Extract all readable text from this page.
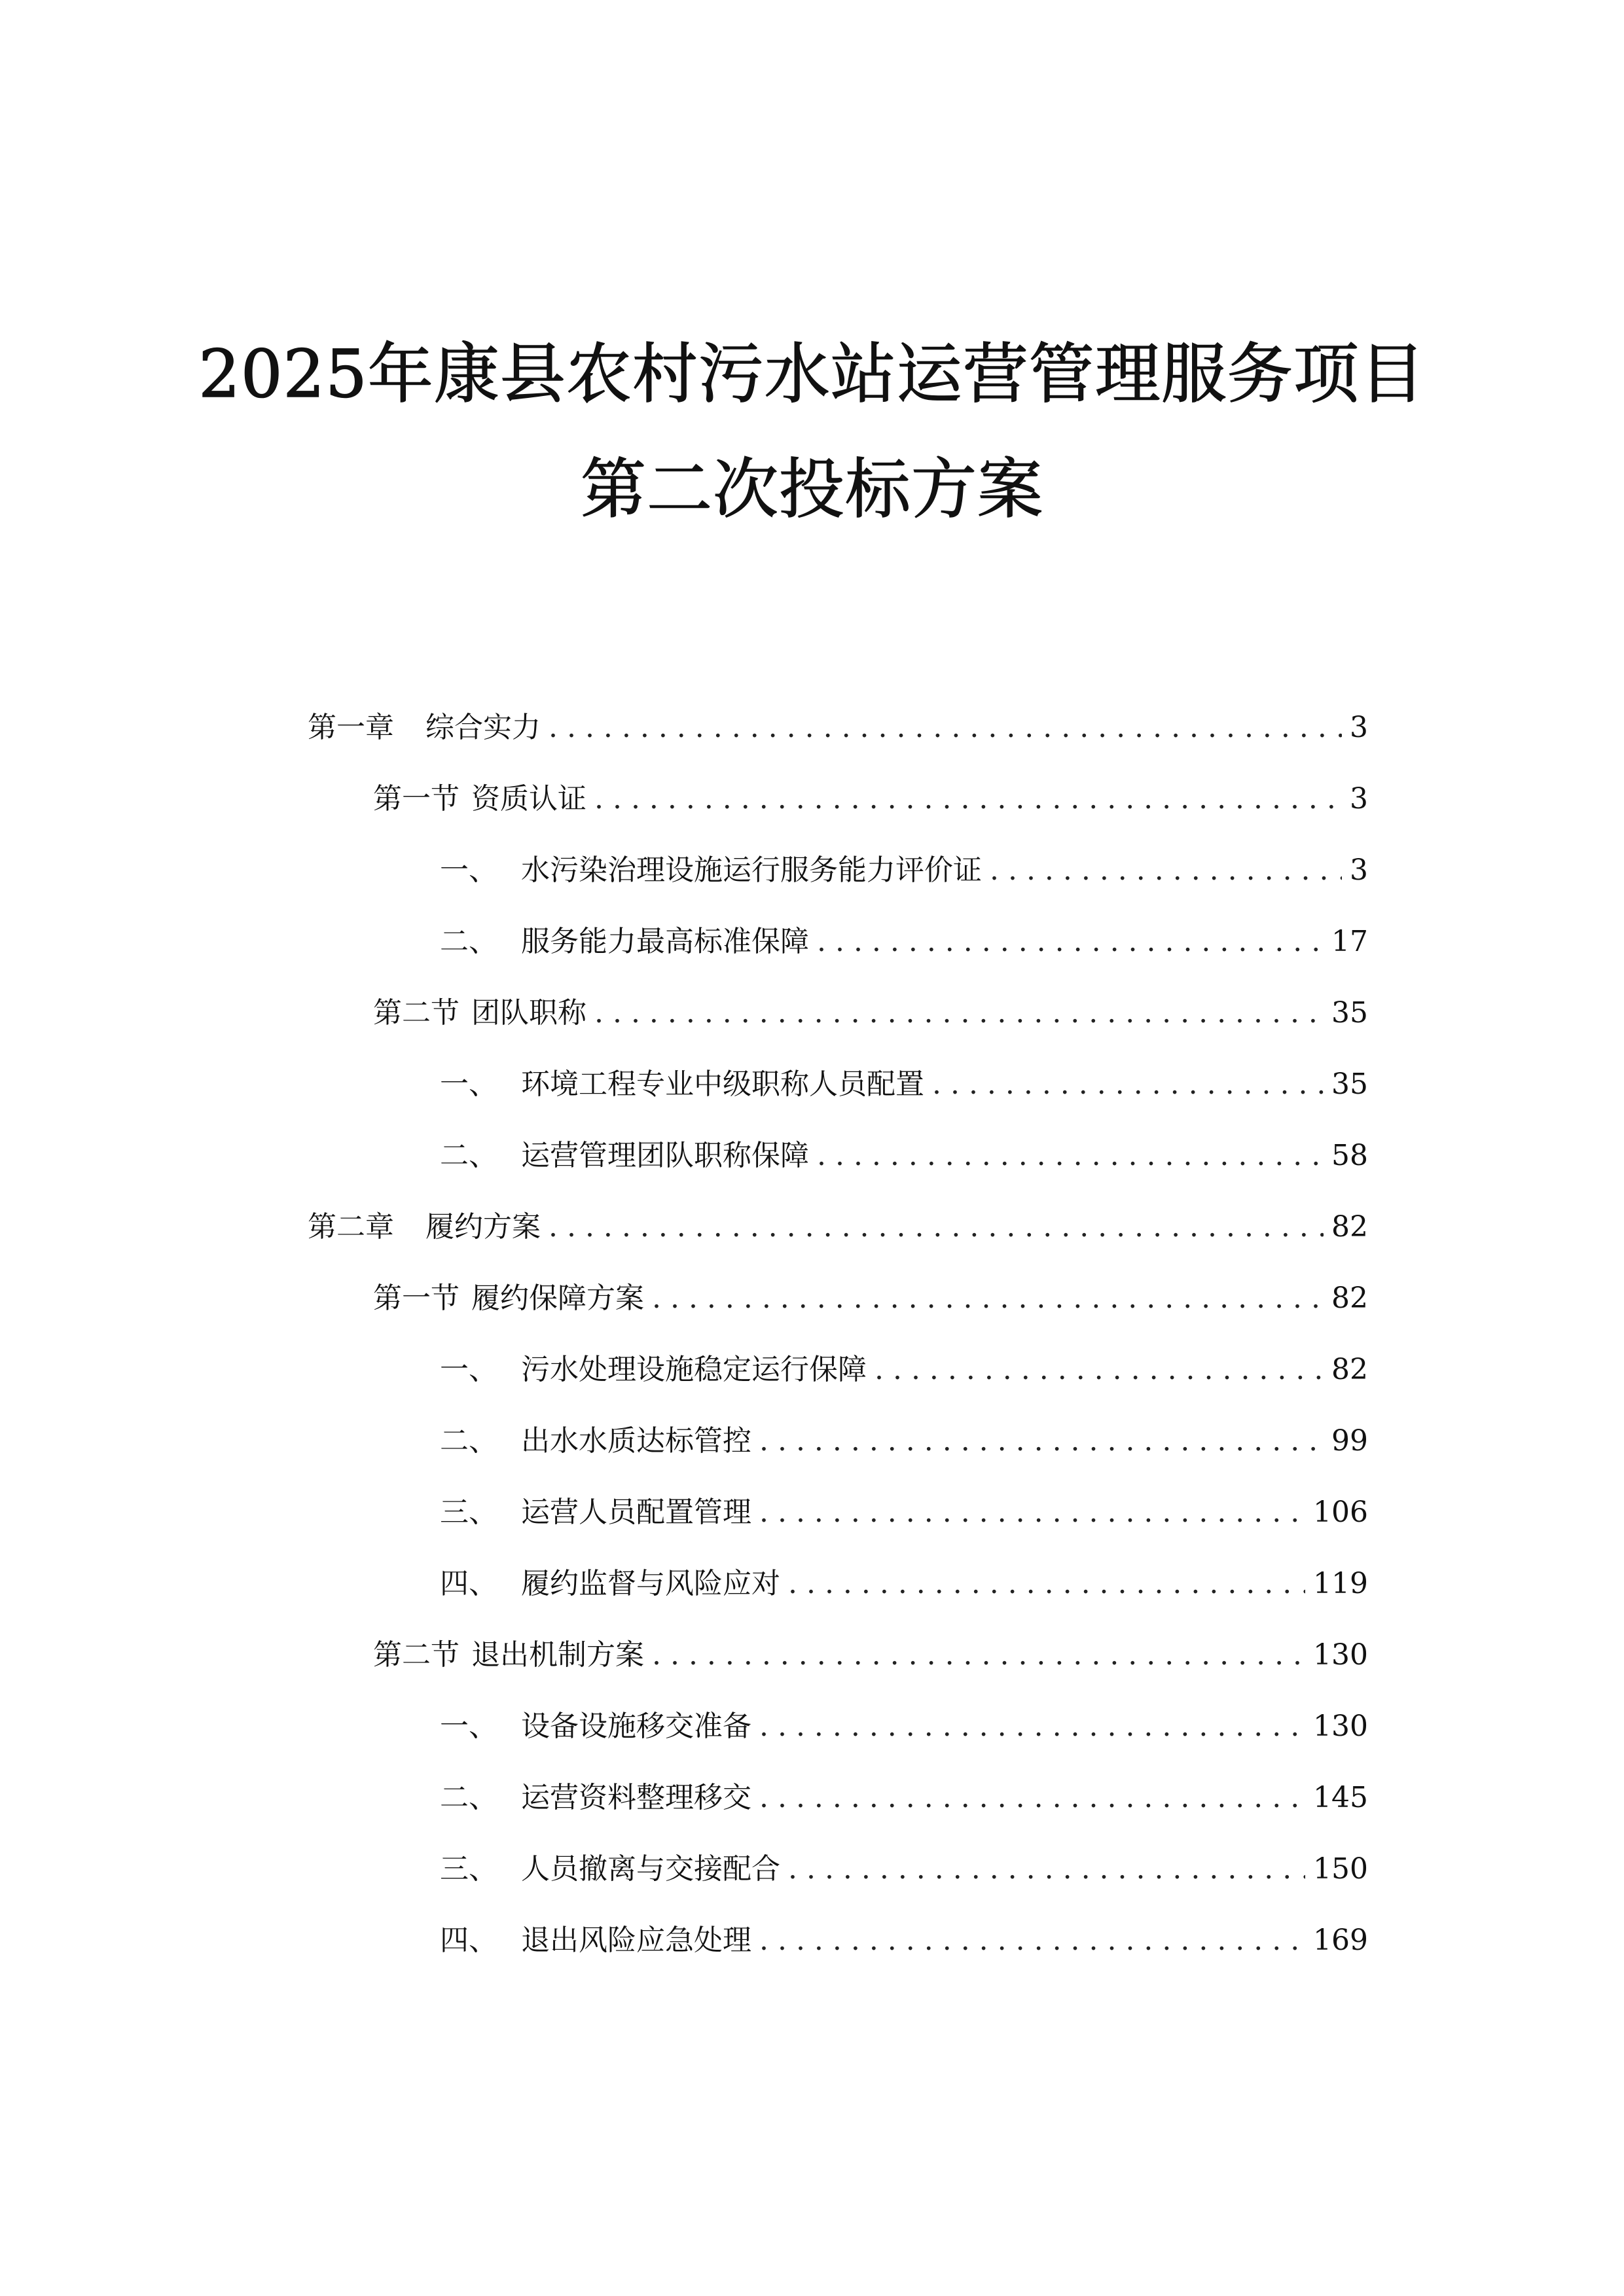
2025年康县农村污水站运营管理服务项目
第二次投标方案
第一章	综合实力 . . .	3
第一节 资质认证 . . .	3
一、 水污染治理设施运行服务能力评价证 . . .	3
二、 服务能力最高标准保障 . . .	17
第二节 团队职称 . . .	35
一、 环境工程专业中级职称人员配置 . . .	35
二、 运营管理团队职称保障 . . .	58
第二章	履约方案 . . .	82
第一节 履约保障方案 . . .	82
一、 污水处理设施稳定运行保障 . . .	82
二、 出水水质达标管控 . . .	99
三、 运营人员配置管理 . . .	106
四、 履约监督与风险应对 . . .	119
第二节 退出机制方案 . . .	130
一、 设备设施移交准备 . . .	130
二、 运营资料整理移交 . . .	145
三、 人员撤离与交接配合 . . .	150
四、 退出风险应急处理 . . .	169
